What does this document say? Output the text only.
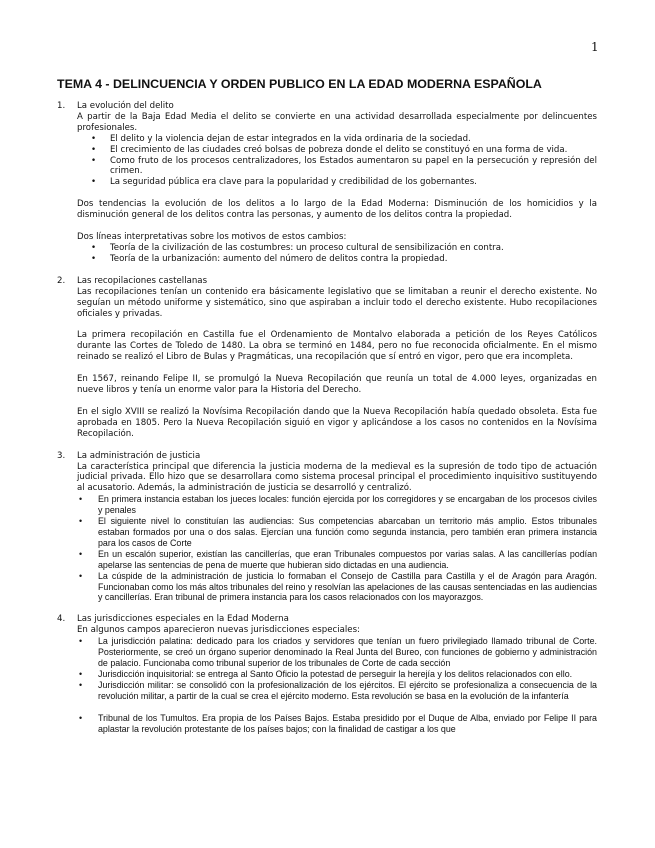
1
TEMA 4 - DELINCUENCIA Y ORDEN PUBLICO EN LA EDAD MODERNA ESPAÑOLA
1.	La evolución del delito

A partir de la Baja Edad Media el delito se convierte en una actividad desarrollada especialmente por delincuentes profesionales.

• El delito y la violencia dejan de estar integrados en la vida ordinaria de la sociedad.
• El crecimiento de las ciudades creó bolsas de pobreza donde el delito se constituyó en una forma de vida.
• Como fruto de los procesos centralizadores, los Estados aumentaron su papel en la persecución y represión del crimen.
• La seguridad pública era clave para la popularidad y credibilidad de los gobernantes.

Dos tendencias la evolución de los delitos a lo largo de la Edad Moderna: Disminución de los homicidios y la disminución general de los delitos contra las personas, y aumento de los delitos contra la propiedad.

Dos líneas interpretativas sobre los motivos de estos cambios:

• Teoría de la civilización de las costumbres: un proceso cultural de sensibilización en contra.
• Teoría de la urbanización: aumento del número de delitos contra la propiedad.
2.	Las recopilaciones castellanas

Las recopilaciones tenían un contenido era básicamente legislativo que se limitaban a reunir el derecho existente. No seguían un método uniforme y sistemático, sino que aspiraban a incluir todo el derecho existente. Hubo recopilaciones oficiales y privadas.

La primera recopilación en Castilla fue el Ordenamiento de Montalvo elaborada a petición de los Reyes Católicos durante las Cortes de Toledo de 1480. La obra se terminó en 1484, pero no fue reconocida oficialmente. En el mismo reinado se realizó el Libro de Bulas y Pragmáticas, una recopilación que sí entró en vigor, pero que era incompleta.

En 1567, reinando Felipe II, se promulgó la Nueva Recopilación que reunía un total de 4.000 leyes, organizadas en nueve libros y tenía un enorme valor para la Historia del Derecho.

En el siglo XVIII se realizó la Novísima Recopilación dando que la Nueva Recopilación había quedado obsoleta. Esta fue aprobada en 1805. Pero la Nueva Recopilación siguió en vigor y aplicándose a los casos no contenidos en la Novísima Recopilación.

3.	La administración de justicia

La característica principal que diferencia la justicia moderna de la medieval es la supresión de todo tipo de actuación judicial privada. Ello hizo que se desarrollara como sistema procesal principal el procedimiento inquisitivo sustituyendo al acusatorio. Además, la administración de justicia se desarrolló y centralizó.

• En primera instancia estaban los jueces locales: función ejercida por los corregidores y se encargaban de los procesos civiles y penales
• El siguiente nivel lo constituían las audiencias: Sus competencias abarcaban un territorio más amplio. Estos tribunales estaban formados por una o dos salas. Ejercían una función como segunda instancia, pero también eran primera instancia para los casos de Corte
• En un escalón superior, existían las cancillerías, que eran Tribunales compuestos por varias salas. A las cancillerías podían apelarse las sentencias de pena de muerte que hubieran sido dictadas en una audiencia.
• La cúspide de la administración de justicia lo formaban el Consejo de Castilla para Castilla y el de Aragón para Aragón. Funcionaban como los más altos tribunales del reino y resolvían las apelaciones de las causas sentenciadas en las audiencias y cancillerías. Eran tribunal de primera instancia para los casos relacionados con los mayorazgos.
4.	Las jurisdicciones especiales en la Edad Moderna

En algunos campos aparecieron nuevas jurisdicciones especiales:

• La jurisdicción palatina: dedicado para los criados y servidores que tenían un fuero privilegiado llamado tribunal de Corte. Posteriormente, se creó un órgano superior denominado la Real Junta del Bureo, con funciones de gobierno y administración de palacio. Funcionaba como tribunal superior de los tribunales de Corte de cada sección
• Jurisdicción inquisitorial: se entrega al Santo Oficio la potestad de perseguir la herejía y los delitos relacionados con ello.
• Jurisdicción militar: se consolidó con la profesionalización de los ejércitos. El ejército se profesionaliza a consecuencia de la revolución militar, a partir de la cual se crea el ejército moderno. Esta revolución se basa en la evolución de la infantería
• Tribunal de los Tumultos. Era propia de los Países Bajos. Estaba presidido por el Duque de Alba, enviado por Felipe II para aplastar la revolución protestante de los países bajos; con la finalidad de castigar a los que
